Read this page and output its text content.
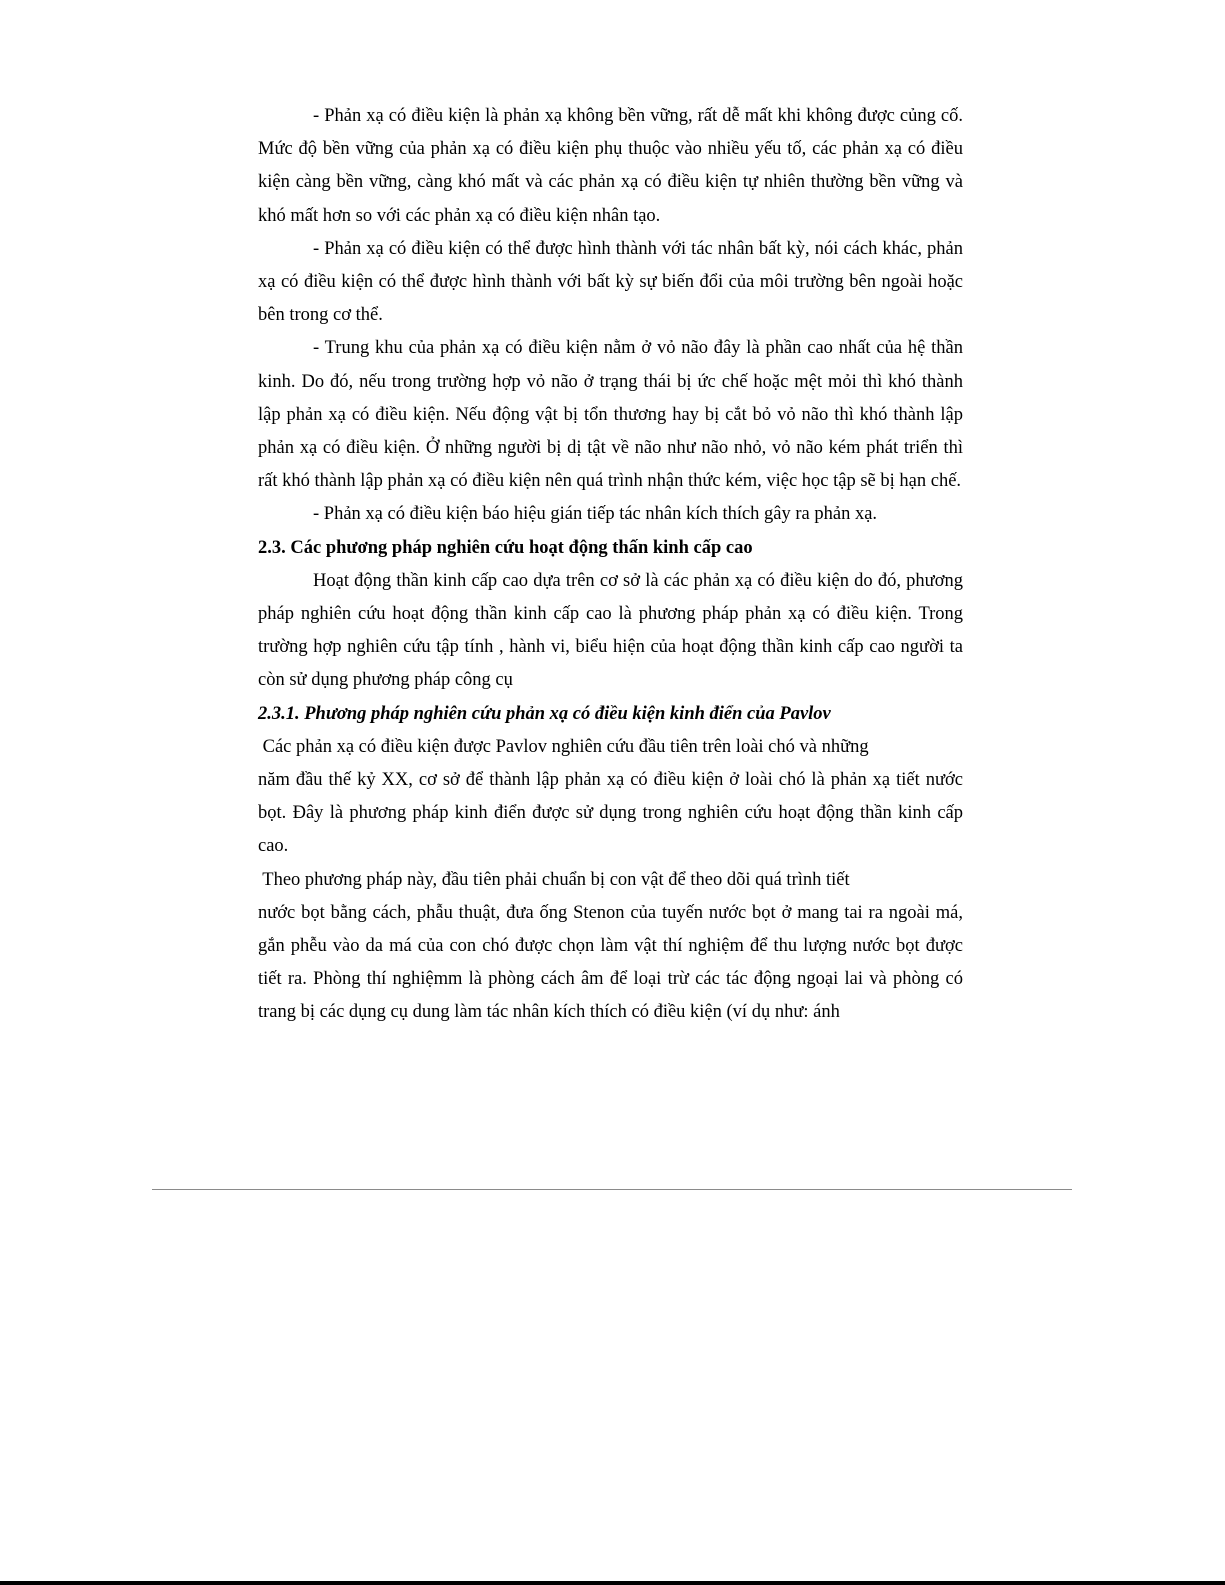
- Phản xạ có điều kiện là phản xạ không bền vững, rất dễ mất khi không được củng cố. Mức độ bền vững của phản xạ có điều kiện phụ thuộc vào nhiều yếu tố, các phản xạ có điều kiện càng bền vững, càng khó mất và các phản xạ có điều kiện tự nhiên thường bền vững và khó mất hơn so với các phản xạ có điều kiện nhân tạo.

- Phản xạ có điều kiện có thể được hình thành với tác nhân bất kỳ, nói cách khác, phản xạ có điều kiện có thể được hình thành với bất kỳ sự biến đổi của môi trường bên ngoài hoặc bên trong cơ thể.

- Trung khu của phản xạ có điều kiện nằm ở vỏ não đây là phần cao nhất của hệ thần kinh. Do đó, nếu trong trường hợp vỏ não ở trạng thái bị ức chế hoặc mệt mỏi thì khó thành lập phản xạ có điều kiện. Nếu động vật bị tổn thương hay bị cắt bỏ vỏ não thì khó thành lập phản xạ có điều kiện. Ở những người bị dị tật về não như não nhỏ, vỏ não kém phát triển thì rất khó thành lập phản xạ có điều kiện nên quá trình nhận thức kém, việc học tập sẽ bị hạn chế.

- Phản xạ có điều kiện báo hiệu gián tiếp tác nhân kích thích gây ra phản xạ.

2.3. Các phương pháp nghiên cứu hoạt động thấn kinh cấp cao

Hoạt động thần kinh cấp cao dựa trên cơ sở là các phản xạ có điều kiện do đó, phương pháp nghiên cứu hoạt động thần kinh cấp cao là phương pháp phản xạ có điều kiện. Trong trường hợp nghiên cứu tập tính , hành vi, biểu hiện của hoạt động thần kinh cấp cao người ta còn sử dụng phương pháp công cụ

2.3.1. Phương pháp nghiên cứu phản xạ có điều kiện kinh điển của Pavlov

Các phản xạ có điều kiện được Pavlov nghiên cứu đầu tiên trên loài chó và những

năm đầu thế kỷ XX, cơ sở để thành lập phản xạ có điều kiện ở loài chó là phản xạ tiết nước bọt. Đây là phương pháp kinh điển được sử dụng trong nghiên cứu hoạt động thần kinh cấp cao.

Theo phương pháp này, đầu tiên phải chuẩn bị con vật để theo dõi quá trình tiết

nước bọt bằng cách, phẫu thuật, đưa ống Stenon của tuyến nước bọt ở mang tai ra ngoài má, gắn phễu vào da má của con chó được chọn làm vật thí nghiệm để thu lượng nước bọt được tiết ra. Phòng thí nghiệmm là phòng cách âm để loại trừ các tác động ngoại lai và phòng có trang bị các dụng cụ dung làm tác nhân kích thích có điều kiện (ví dụ như: ánh
